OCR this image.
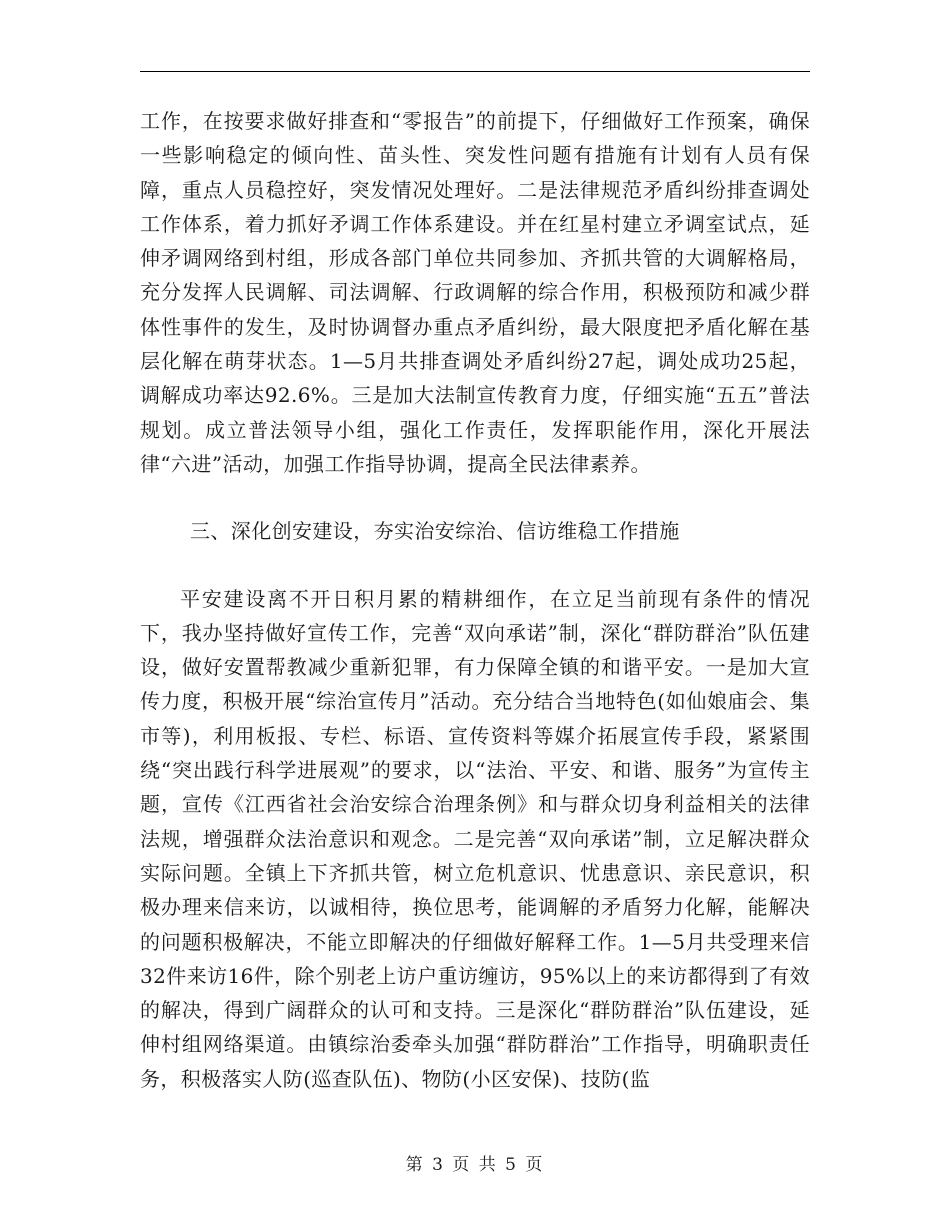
工作，在按要求做好排查和“零报告”的前提下，仔细做好工作预案，确保一些影响稳定的倾向性、苗头性、突发性问题有措施有计划有人员有保障，重点人员稳控好，突发情况处理好。二是法律规范矛盾纠纷排查调处工作体系，着力抓好矛调工作体系建设。并在红星村建立矛调室试点，延伸矛调网络到村组，形成各部门单位共同参加、齐抓共管的大调解格局，充分发挥人民调解、司法调解、行政调解的综合作用，积极预防和减少群体性事件的发生，及时协调督办重点矛盾纠纷，最大限度把矛盾化解在基层化解在萌芽状态。1—5月共排查调处矛盾纠纷27起，调处成功25起，调解成功率达92.6%。三是加大法制宣传教育力度，仔细实施“五五”普法规划。成立普法领导小组，强化工作责任，发挥职能作用，深化开展法律“六进”活动，加强工作指导协调，提高全民法律素养。

三、深化创安建设，夯实治安综治、信访维稳工作措施

平安建设离不开日积月累的精耕细作，在立足当前现有条件的情况下，我办坚持做好宣传工作，完善“双向承诺”制，深化“群防群治”队伍建设，做好安置帮教减少重新犯罪，有力保障全镇的和谐平安。一是加大宣传力度，积极开展“综治宣传月”活动。充分结合当地特色(如仙娘庙会、集市等)，利用板报、专栏、标语、宣传资料等媒介拓展宣传手段，紧紧围绕“突出践行科学进展观”的要求，以“法治、平安、和谐、服务”为宣传主题，宣传《江西省社会治安综合治理条例》和与群众切身利益相关的法律法规，增强群众法治意识和观念。二是完善“双向承诺”制，立足解决群众实际问题。全镇上下齐抓共管，树立危机意识、忧患意识、亲民意识，积极办理来信来访，以诚相待，换位思考，能调解的矛盾努力化解，能解决的问题积极解决，不能立即解决的仔细做好解释工作。1—5月共受理来信32件来访16件，除个别老上访户重访缠访，95%以上的来访都得到了有效的解决，得到广阔群众的认可和支持。三是深化“群防群治”队伍建设，延伸村组网络渠道。由镇综治委牵头加强“群防群治”工作指导，明确职责任务，积极落实人防(巡查队伍)、物防(小区安保)、技防(监

第 3 页 共 5 页
